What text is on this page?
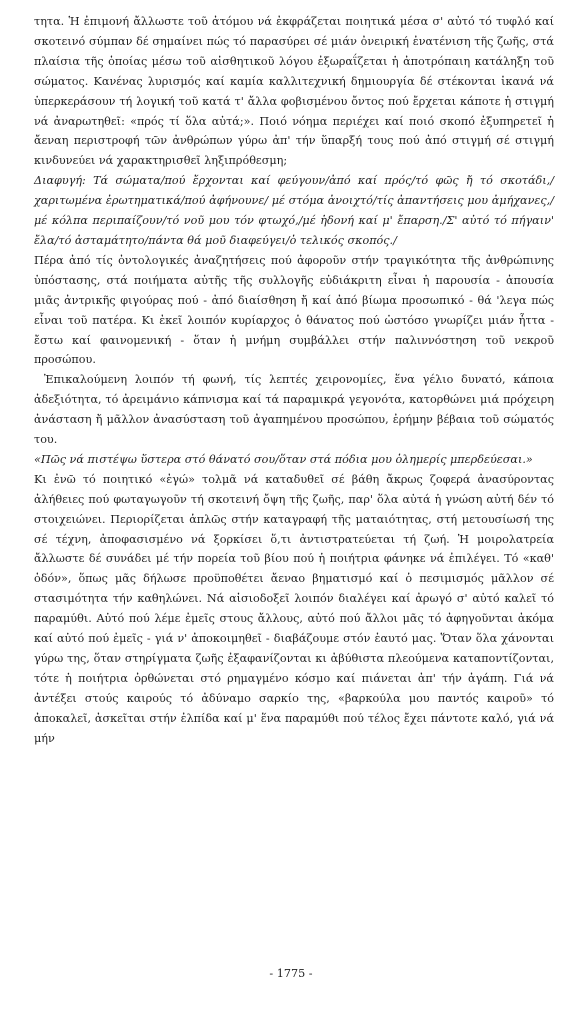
τητα. Ἡ ἐπιμονή ἄλλωστε τοῦ ἀτόμου νά ἐκφράζεται ποιητικά μέσα σ' αὐτό τό τυφλό καί σκοτεινό σύμπαν δέ σημαίνει πώς τό παρασύρει σέ μιάν ὀνειρική ἐνατένιση τῆς ζωῆς, στά πλαίσια τῆς ὁποίας μέσω τοῦ αἰσθητικοῦ λόγου ἐξωραΐζεται ἡ ἀποτρόπαιη κατάληξη τοῦ σώματος. Κανένας λυρισμός καί καμία καλλιτεχνική δημιουργία δέ στέκονται ἱκανά νά ὑπερκεράσουν τή λογική τοῦ κατά τ' ἄλλα φοβισμένου ὄντος πού ἔρχεται κάποτε ἡ στιγμή νά ἀναρωτηθεῖ: «πρός τί ὅλα αὐτά;». Ποιό νόημα περιέχει καί ποιό σκοπό ἐξυπηρετεῖ ἡ ἄεναη περιστροφή τῶν ἀνθρώπων γύρω ἀπ' τήν ὕπαρξή τους πού ἀπό στιγμή σέ στιγμή κινδυνεύει νά χαρακτηρισθεῖ ληξιπρόθεσμη;

Διαφυγή: Τά σώματα/πού ἔρχονται καί φεύγουν/ἀπό καί πρός/τό φῶς ἤ τό σκοτάδι,/χαριτωμένα ἐρωτηματικά/πού ἀφήνουνε/ μέ στόμα ἀνοιχτό/τίς ἀπαντήσεις μου ἀμήχανες,/μέ κόλπα περιπαίζουν/τό νοῦ μου τόν φτωχό,/μέ ἡδονή καί μ' ἔπαρση./Σ' αὐτό τό πήγαιν' ἔλα/τό ἀσταμάτητο/πάντα θά μοῦ διαφεύγει/ὁ τελικός σκοπός./

Πέρα ἀπό τίς ὀντολογικές ἀναζητήσεις πού ἀφοροῦν στήν τραγικότητα τῆς ἀνθρώπινης ὑπόστασης, στά ποιήματα αὐτῆς τῆς συλλογῆς εὐδιάκριτη εἶναι ἡ παρουσία - ἀπουσία μιᾶς ἀντρικῆς φιγούρας πού - ἀπό διαίσθηση ἤ καί ἀπό βίωμα προσωπικό - θά 'λεγα πώς εἶναι τοῦ πατέρα. Κι ἐκεῖ λοιπόν κυρίαρχος ὁ θάνατος πού ὡστόσο γνωρίζει μιάν ἧττα - ἔστω καί φαινομενική - ὅταν ἡ μνήμη συμβάλλει στήν παλιννόστηση τοῦ νεκροῦ προσώπου.

Ἐπικαλούμενη λοιπόν τή φωνή, τίς λεπτές χειρονομίες, ἕνα γέλιο δυνατό, κάποια ἀδεξιότητα, τό ἀρειμάνιο κάπνισμα καί τά παραμικρά γεγονότα, κατορθώνει μιά πρόχειρη ἀνάσταση ἤ μᾶλλον ἀνασύσταση τοῦ ἀγαπημένου προσώπου, ἐρήμην βέβαια τοῦ σώματός του.

«Πῶς νά πιστέψω ὕστερα στό θάνατό σου/ὅταν στά πόδια μου ὁλημερίς μπερδεύεσαι.»

Κι ἐνῶ τό ποιητικό «ἐγώ» τολμᾶ νά καταδυθεῖ σέ βάθη ἄκρως ζοφερά ἀνασύροντας ἀλήθειες πού φωταγωγοῦν τή σκοτεινή ὄψη τῆς ζωῆς, παρ' ὅλα αὐτά ἡ γνώση αὐτή δέν τό στοιχειώνει. Περιορίζεται ἁπλῶς στήν καταγραφή τῆς ματαιότητας, στή μετουσίωσή της σέ τέχνη, ἀποφασισμένο νά ξορκίσει ὅ,τι ἀντιστρατεύεται τή ζωή. Ἡ μοιρολατρεία ἄλλωστε δέ συνάδει μέ τήν πορεία τοῦ βίου πού ἡ ποιήτρια φάνηκε νά ἐπιλέγει. Τό «καθ' ὁδόν», ὅπως μᾶς δήλωσε προϋποθέτει ἄεναο βηματισμό καί ὁ πεσιμισμός μᾶλλον σέ στασιμότητα τήν καθηλώνει. Νά αἰσιοδοξεῖ λοιπόν διαλέγει καί ἀρωγό σ' αὐτό καλεῖ τό παραμύθι. Αὐτό πού λέμε ἐμεῖς στους ἄλλους, αὐτό πού ἄλλοι μᾶς τό ἀφηγοῦνται ἀκόμα καί αὐτό πού ἐμεῖς - γιά ν' ἀποκοιμηθεῖ - διαβάζουμε στόν ἑαυτό μας. Ὅταν ὅλα χάνονται γύρω της, ὅταν στηρίγματα ζωῆς ἐξαφανίζονται κι ἀβύθιστα πλεούμενα καταποντίζονται, τότε ἡ ποιήτρια ὀρθώνεται στό ρημαγμένο κόσμο καί πιάνεται ἀπ' τήν ἀγάπη. Γιά νά ἀντέξει στούς καιρούς τό ἀδύναμο σαρκίο της, «βαρκούλα μου παντός καιροῦ» τό ἀποκαλεῖ, ἀσκεῖται στήν ἐλπίδα καί μ' ἕνα παραμύθι πού τέλος ἔχει πάντοτε καλό, γιά νά μήν

- 1775 -
